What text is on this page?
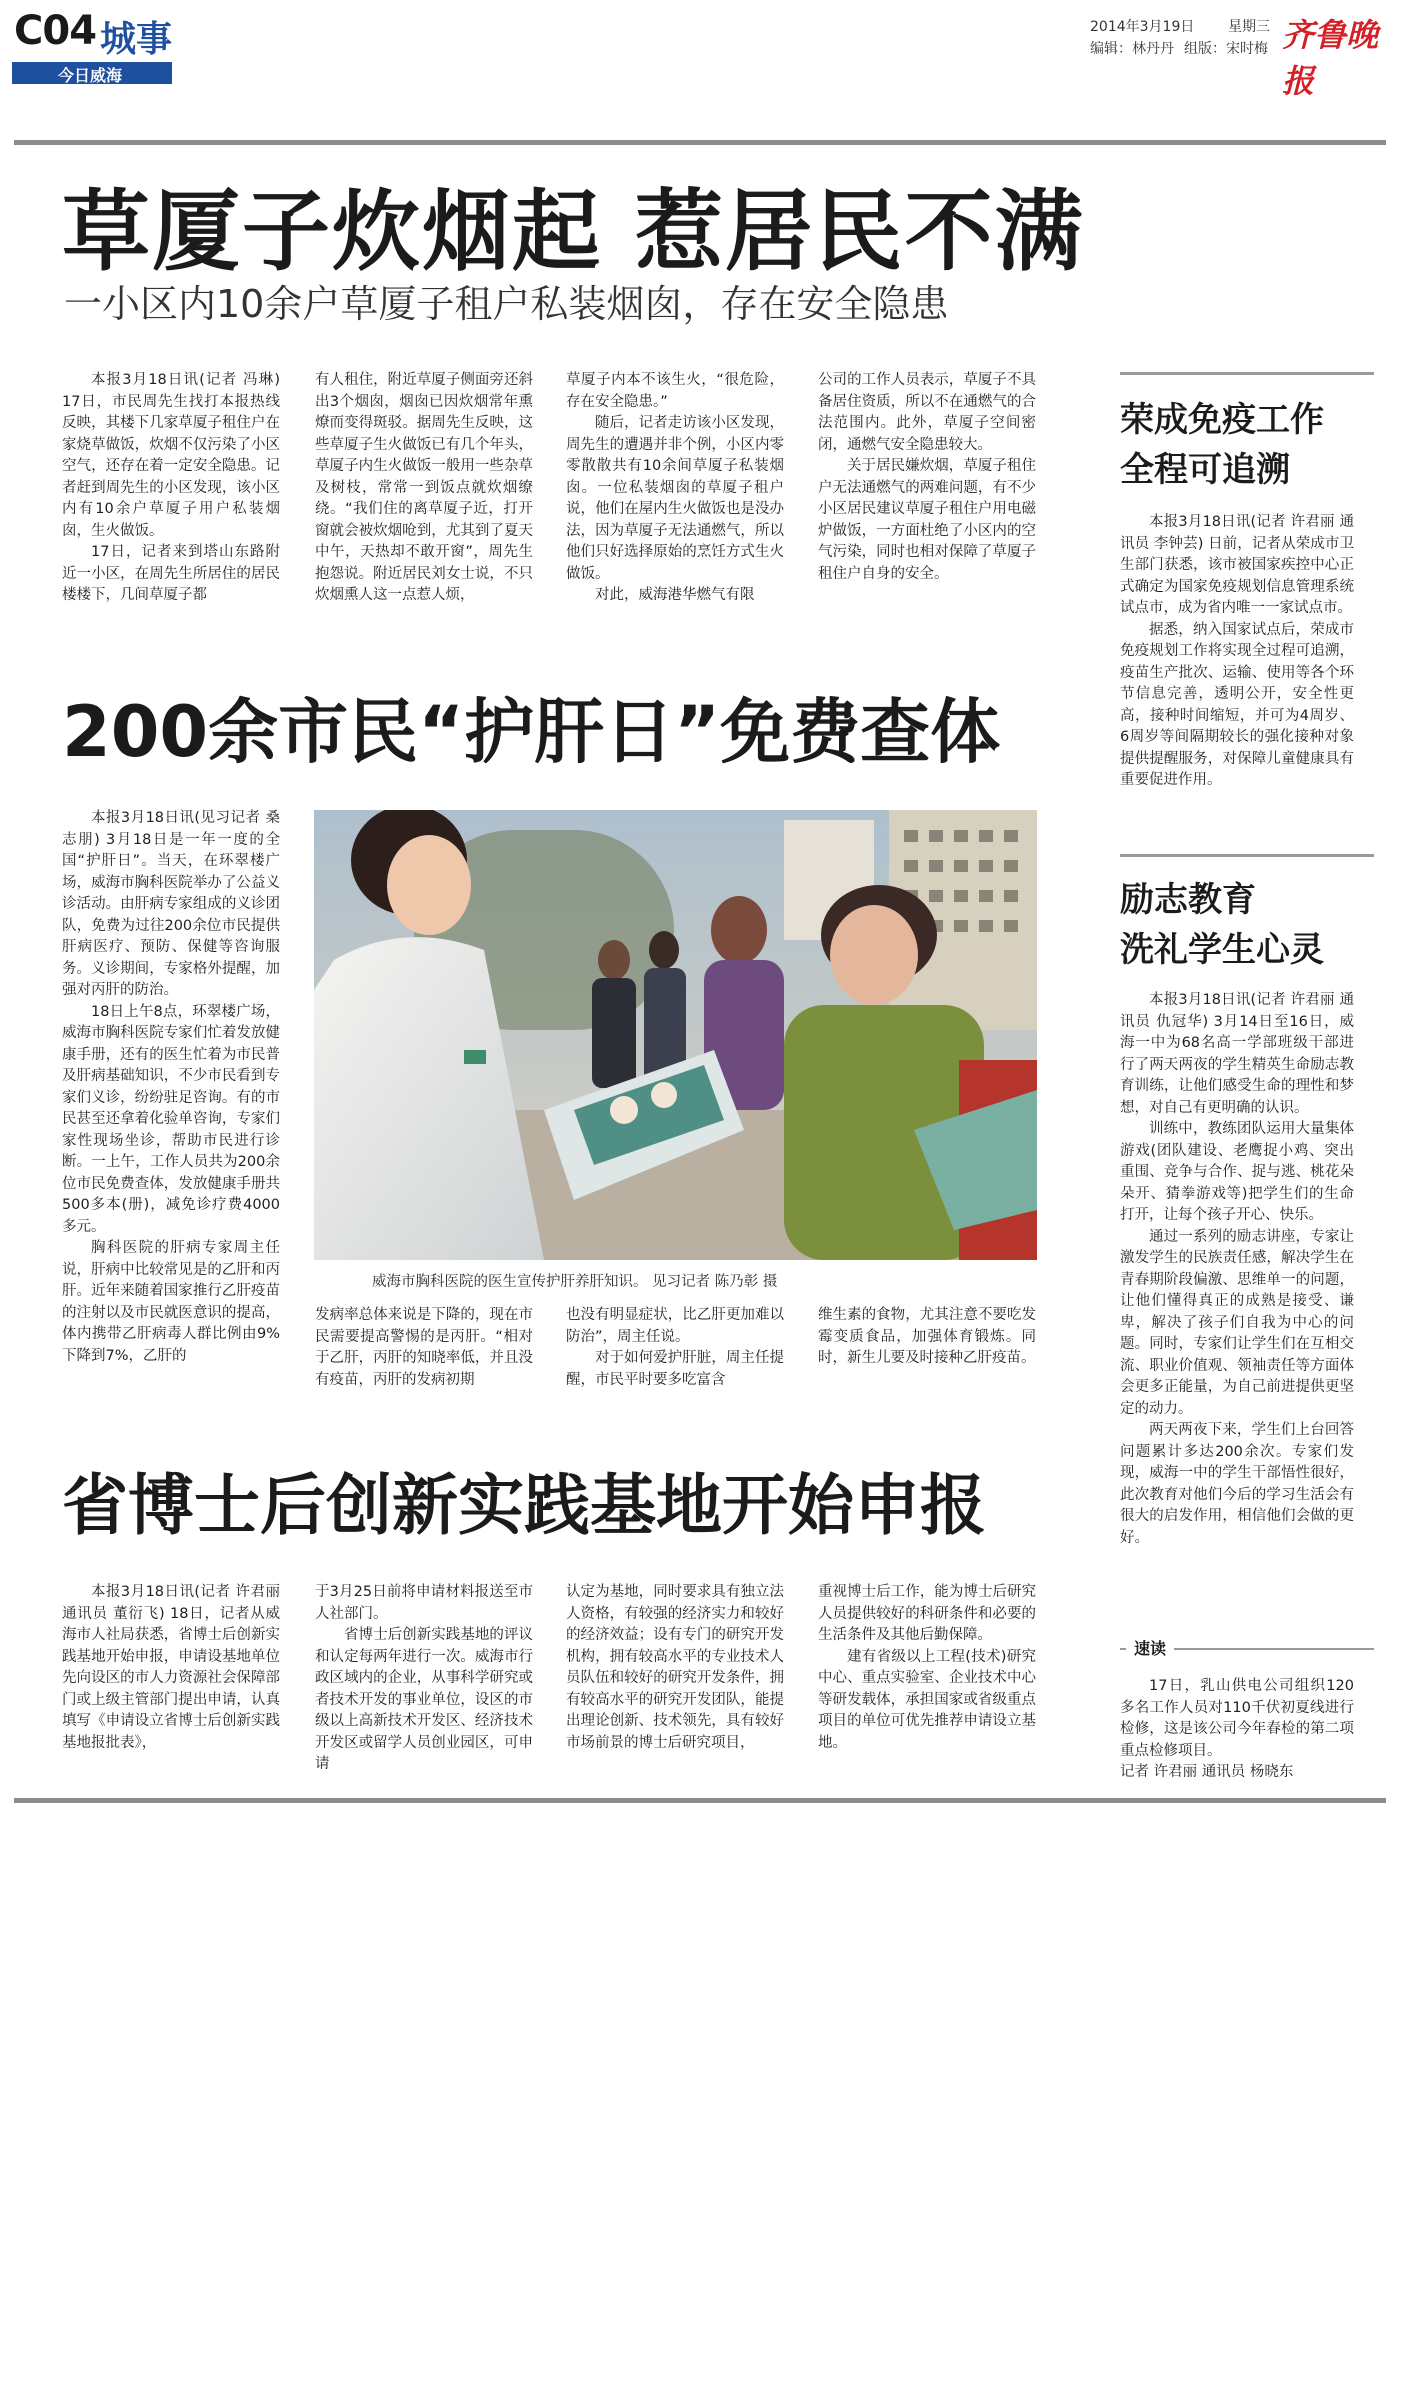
C04 城事
今日威海
2014年3月19日 星期三
编辑：林丹丹 组版：宋时梅 齐鲁晚报
草厦子炊烟起 惹居民不满
一小区内10余户草厦子租户私装烟囱，存在安全隐患

本报3月18日讯(记者 冯琳) 17日，市民周先生找打本报热线反映，其楼下几家草厦子租住户在家烧草做饭，炊烟不仅污染了小区空气，还存在着一定安全隐患。记者赶到周先生的小区发现，该小区内有10余户草厦子用户私装烟囱，生火做饭。

17日，记者来到塔山东路附近一小区，在周先生所居住的居民楼楼下，几间草厦子都

有人租住，附近草厦子侧面旁还斜出3个烟囱，烟囱已因炊烟常年熏燎而变得斑驳。据周先生反映，这些草厦子生火做饭已有几个年头，草厦子内生火做饭一般用一些杂草及树枝，常常一到饭点就炊烟缭绕。“我们住的离草厦子近，打开窗就会被炊烟呛到，尤其到了夏天中午，天热却不敢开窗”，周先生抱怨说。附近居民刘女士说，不只炊烟熏人这一点惹人烦，

草厦子内本不该生火，“很危险，存在安全隐患。”

随后，记者走访该小区发现，周先生的遭遇并非个例，小区内零零散散共有10余间草厦子私装烟囱。一位私装烟囱的草厦子租户说，他们在屋内生火做饭也是没办法，因为草厦子无法通燃气，所以他们只好选择原始的烹饪方式生火做饭。

对此，威海港华燃气有限

公司的工作人员表示，草厦子不具备居住资质，所以不在通燃气的合法范围内。此外，草厦子空间密闭，通燃气安全隐患较大。

关于居民嫌炊烟，草厦子租住户无法通燃气的两难问题，有不少小区居民建议草厦子租住户用电磁炉做饭，一方面杜绝了小区内的空气污染，同时也相对保障了草厦子租住户自身的安全。

200余市民“护肝日”免费查体

本报3月18日讯(见习记者 桑志朋) 3月18日是一年一度的全国“护肝日”。当天，在环翠楼广场，威海市胸科医院举办了公益义诊活动。由肝病专家组成的义诊团队，免费为过往200余位市民提供肝病医疗、预防、保健等咨询服务。义诊期间，专家格外提醒，加强对丙肝的防治。

18日上午8点，环翠楼广场，威海市胸科医院专家们忙着发放健康手册，还有的医生忙着为市民普及肝病基础知识，不少市民看到专家们义诊，纷纷驻足咨询。有的市民甚至还拿着化验单咨询，专家们家性现场坐诊，帮助市民进行诊断。一上午，工作人员共为200余位市民免费查体，发放健康手册共500多本(册)，减免诊疗费4000多元。

胸科医院的肝病专家周主任说，肝病中比较常见是的乙肝和丙肝。近年来随着国家推行乙肝疫苗的注射以及市民就医意识的提高，体内携带乙肝病毒人群比例由9%下降到7%，乙肝的

威海市胸科医院的医生宣传护肝养肝知识。 见习记者 陈乃彰 摄

发病率总体来说是下降的，现在市民需要提高警惕的是丙肝。“相对于乙肝，丙肝的知晓率低，并且没有疫苗，丙肝的发病初期

也没有明显症状，比乙肝更加难以防治”，周主任说。

对于如何爱护肝脏，周主任提醒，市民平时要多吃富含

维生素的食物，尤其注意不要吃发霉变质食品，加强体育锻炼。同时，新生儿要及时接种乙肝疫苗。

省博士后创新实践基地开始申报

本报3月18日讯(记者 许君丽 通讯员 董衍飞) 18日，记者从威海市人社局获悉，省博士后创新实践基地开始申报，申请设基地单位先向设区的市人力资源社会保障部门或上级主管部门提出申请，认真填写《申请设立省博士后创新实践基地报批表》，

于3月25日前将申请材料报送至市人社部门。

省博士后创新实践基地的评议和认定每两年进行一次。威海市行政区域内的企业，从事科学研究或者技术开发的事业单位，设区的市级以上高新技术开发区、经济技术开发区或留学人员创业园区，可申请

认定为基地，同时要求具有独立法人资格，有较强的经济实力和较好的经济效益；设有专门的研究开发机构，拥有较高水平的专业技术人员队伍和较好的研究开发条件，拥有较高水平的研究开发团队，能提出理论创新、技术领先，具有较好市场前景的博士后研究项目，

重视博士后工作，能为博士后研究人员提供较好的科研条件和必要的生活条件及其他后勤保障。

建有省级以上工程(技术)研究中心、重点实验室、企业技术中心等研发载体，承担国家或省级重点项目的单位可优先推荐申请设立基地。

荣成免疫工作
全程可追溯

本报3月18日讯(记者 许君丽 通讯员 李钟芸) 日前，记者从荣成市卫生部门获悉，该市被国家疾控中心正式确定为国家免疫规划信息管理系统试点市，成为省内唯一一家试点市。

据悉，纳入国家试点后，荣成市免疫规划工作将实现全过程可追溯，疫苗生产批次、运输、使用等各个环节信息完善，透明公开，安全性更高，接种时间缩短，并可为4周岁、6周岁等间隔期较长的强化接种对象提供提醒服务，对保障儿童健康具有重要促进作用。

励志教育
洗礼学生心灵

本报3月18日讯(记者 许君丽 通讯员 仇冠华) 3月14日至16日，威海一中为68名高一学部班级干部进行了两天两夜的学生精英生命励志教育训练，让他们感受生命的理性和梦想，对自己有更明确的认识。

训练中，教练团队运用大量集体游戏(团队建设、老鹰捉小鸡、突出重围、竞争与合作、捉与逃、桃花朵朵开、猜拳游戏等)把学生们的生命打开，让每个孩子开心、快乐。

通过一系列的励志讲座，专家让激发学生的民族责任感，解决学生在青春期阶段偏激、思维单一的问题，让他们懂得真正的成熟是接受、谦卑，解决了孩子们自我为中心的问题。同时，专家们让学生们在互相交流、职业价值观、领袖责任等方面体会更多正能量，为自己前进提供更坚定的动力。

两天两夜下来，学生们上台回答问题累计多达200余次。专家们发现，威海一中的学生干部悟性很好，此次教育对他们今后的学习生活会有很大的启发作用，相信他们会做的更好。

速读

17日，乳山供电公司组织120多名工作人员对110千伏初夏线进行检修，这是该公司今年春检的第二项重点检修项目。

记者 许君丽 通讯员 杨晓东
